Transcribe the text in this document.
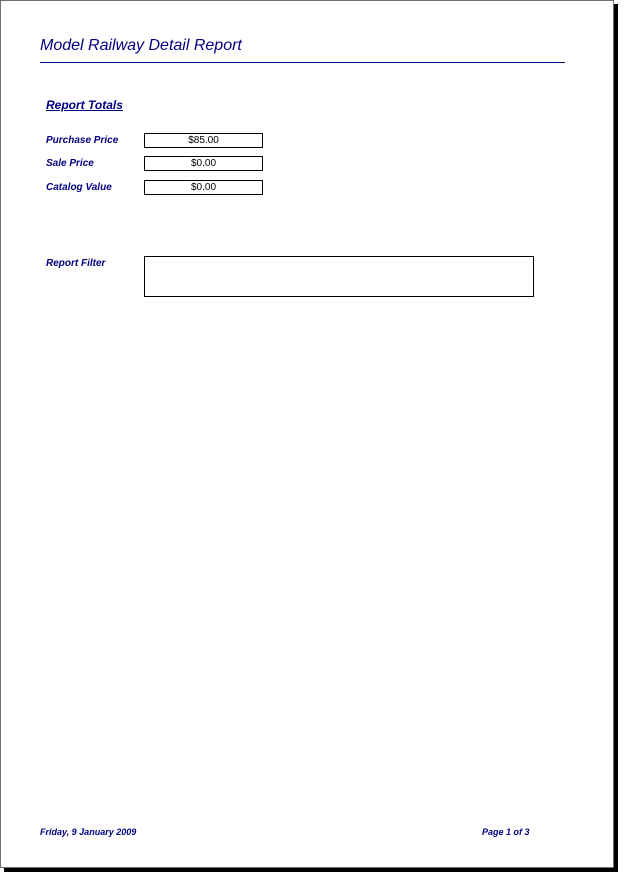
Model Railway Detail Report
Report Totals
Purchase Price	$85.00
Sale Price	$0.00
Catalog Value	$0.00
Report Filter
Friday, 9 January 2009	Page 1 of 3
